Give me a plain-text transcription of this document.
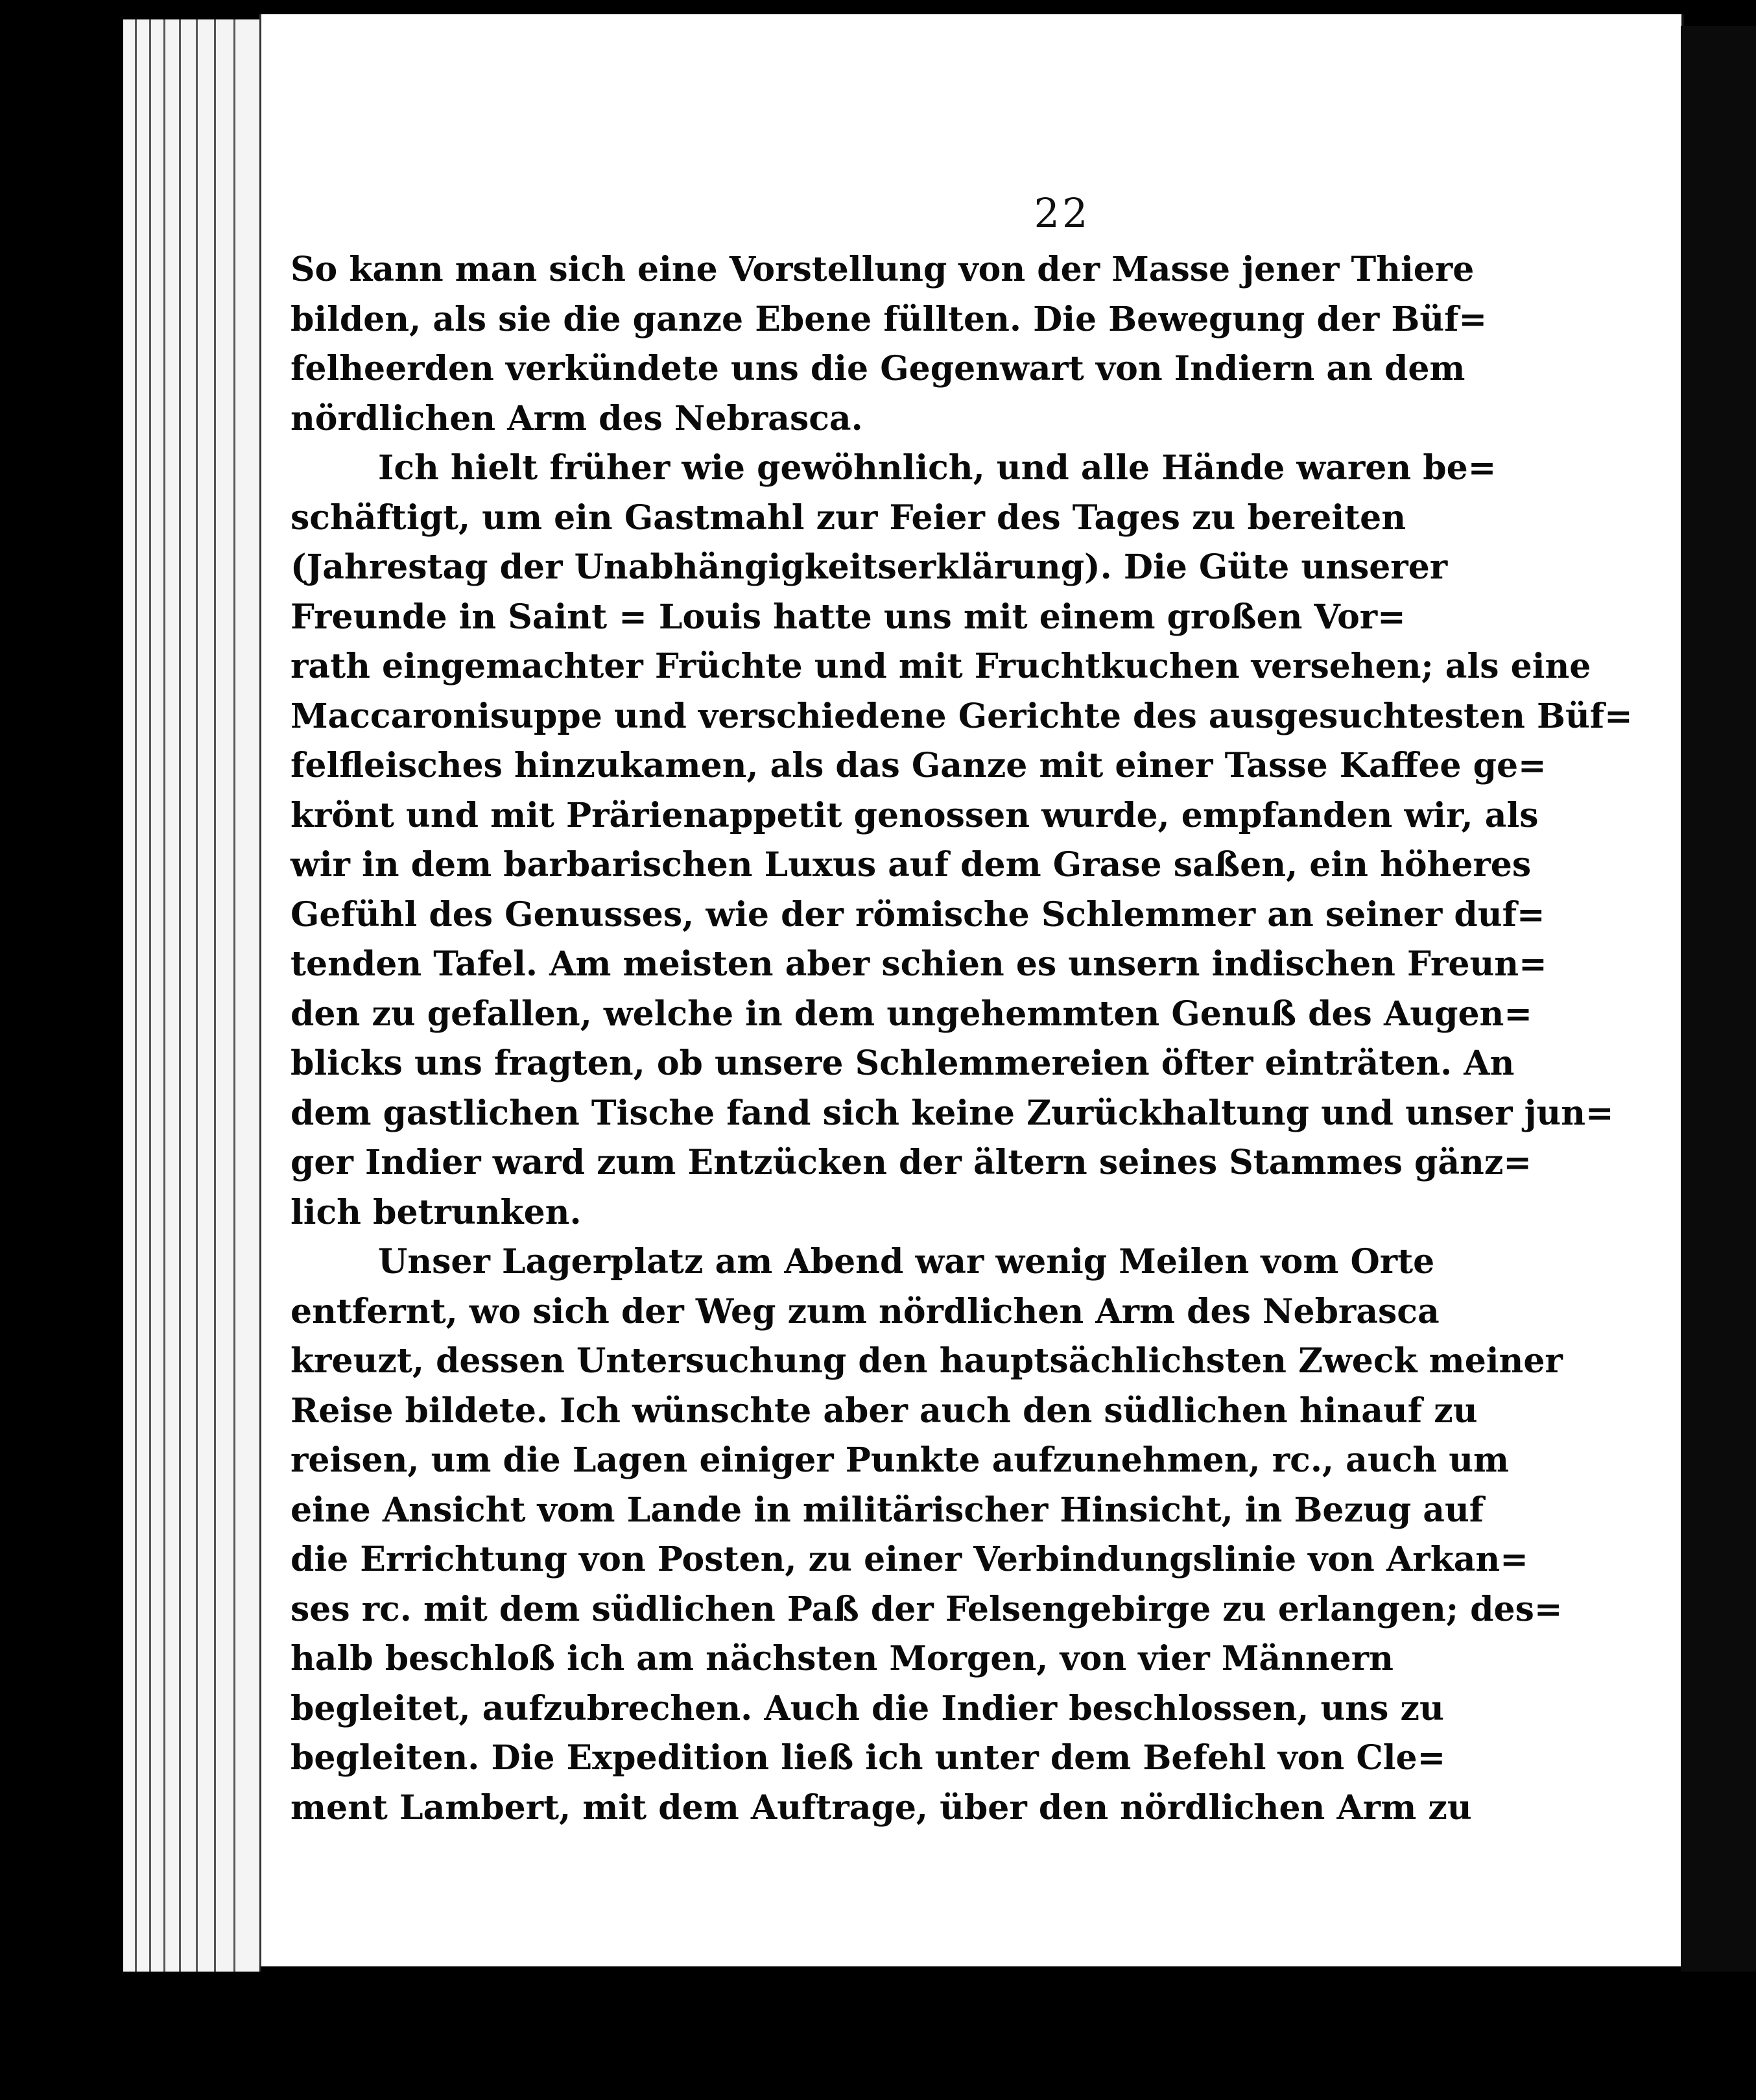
22
So kann man sich eine Vorstellung von der Masse jener Thiere
bilden, als sie die ganze Ebene füllten. Die Bewegung der Büf=
felheerden verkündete uns die Gegenwart von Indiern an dem
nördlichen Arm des Nebrasca.
Ich hielt früher wie gewöhnlich, und alle Hände waren be=
schäftigt, um ein Gastmahl zur Feier des Tages zu bereiten
(Jahrestag der Unabhängigkeitserklärung). Die Güte unserer
Freunde in Saint = Louis hatte uns mit einem großen Vor=
rath eingemachter Früchte und mit Fruchtkuchen versehen; als eine
Maccaronisuppe und verschiedene Gerichte des ausgesuchtesten Büf=
felfleisches hinzukamen, als das Ganze mit einer Tasse Kaffee ge=
krönt und mit Prärienappetit genossen wurde, empfanden wir, als
wir in dem barbarischen Luxus auf dem Grase saßen, ein höheres
Gefühl des Genusses, wie der römische Schlemmer an seiner duf=
tenden Tafel. Am meisten aber schien es unsern indischen Freun=
den zu gefallen, welche in dem ungehemmten Genuß des Augen=
blicks uns fragten, ob unsere Schlemmereien öfter einträten. An
dem gastlichen Tische fand sich keine Zurückhaltung und unser jun=
ger Indier ward zum Entzücken der ältern seines Stammes gänz=
lich betrunken.
Unser Lagerplatz am Abend war wenig Meilen vom Orte
entfernt, wo sich der Weg zum nördlichen Arm des Nebrasca
kreuzt, dessen Untersuchung den hauptsächlichsten Zweck meiner
Reise bildete. Ich wünschte aber auch den südlichen hinauf zu
reisen, um die Lagen einiger Punkte aufzunehmen, rc., auch um
eine Ansicht vom Lande in militärischer Hinsicht, in Bezug auf
die Errichtung von Posten, zu einer Verbindungslinie von Arkan=
ses rc. mit dem südlichen Paß der Felsengebirge zu erlangen; des=
halb beschloß ich am nächsten Morgen, von vier Männern
begleitet, aufzubrechen. Auch die Indier beschlossen, uns zu
begleiten. Die Expedition ließ ich unter dem Befehl von Cle=
ment Lambert, mit dem Auftrage, über den nördlichen Arm zu
